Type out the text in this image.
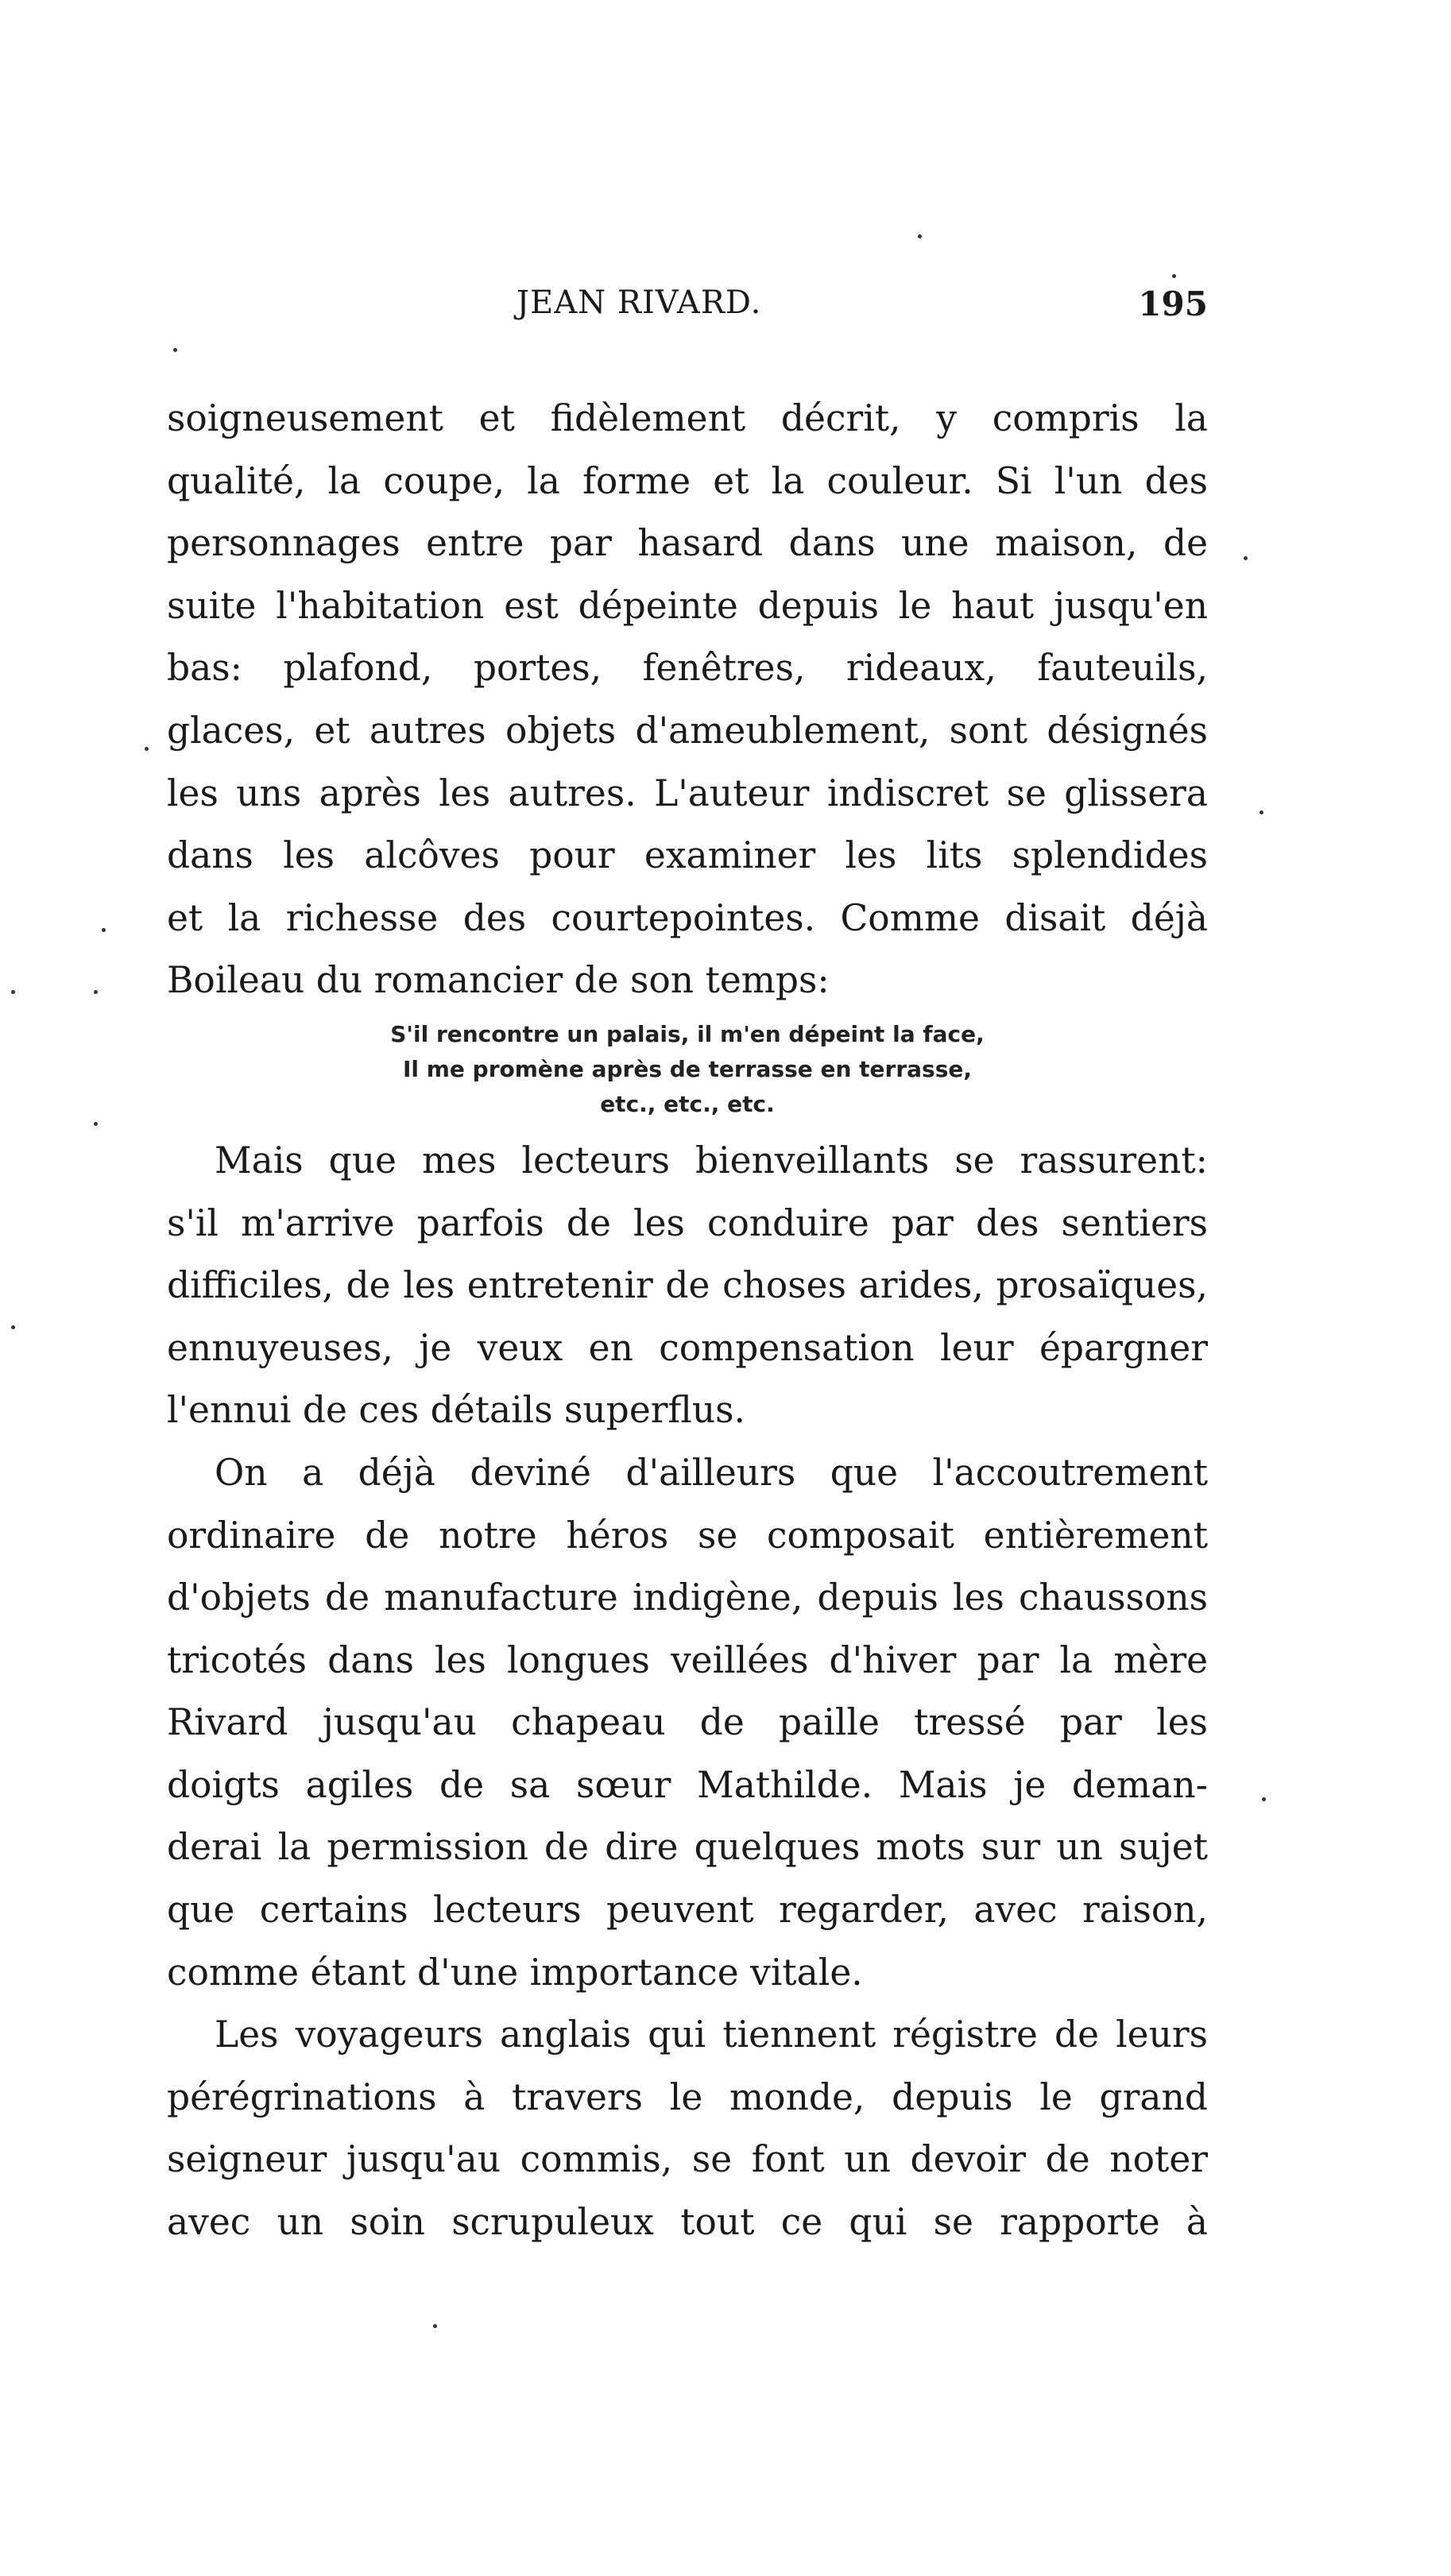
JEAN RIVARD.	195

soigneusement et fidèlement décrit, y compris la
qualité, la coupe, la forme et la couleur. Si l'un des
personnages entre par hasard dans une maison, de
suite l'habitation est dépeinte depuis le haut jusqu'en
bas: plafond, portes, fenêtres, rideaux, fauteuils,
glaces, et autres objets d'ameublement, sont désignés
les uns après les autres. L'auteur indiscret se glissera
dans les alcôves pour examiner les lits splendides
et la richesse des courtepointes. Comme disait déjà
Boileau du romancier de son temps:

S'il rencontre un palais, il m'en dépeint la face,
Il me promène après de terrasse en terrasse,
etc., etc., etc.

Mais que mes lecteurs bienveillants se rassurent:
s'il m'arrive parfois de les conduire par des sentiers
difficiles, de les entretenir de choses arides, prosaïques,
ennuyeuses, je veux en compensation leur épargner
l'ennui de ces détails superflus.

On a déjà deviné d'ailleurs que l'accoutrement
ordinaire de notre héros se composait entièrement
d'objets de manufacture indigène, depuis les chaussons
tricotés dans les longues veillées d'hiver par la mère
Rivard jusqu'au chapeau de paille tressé par les
doigts agiles de sa sœur Mathilde. Mais je deman-
derai la permission de dire quelques mots sur un sujet
que certains lecteurs peuvent regarder, avec raison,
comme étant d'une importance vitale.

Les voyageurs anglais qui tiennent régistre de leurs
pérégrinations à travers le monde, depuis le grand
seigneur jusqu'au commis, se font un devoir de noter
avec un soin scrupuleux tout ce qui se rapporte à
